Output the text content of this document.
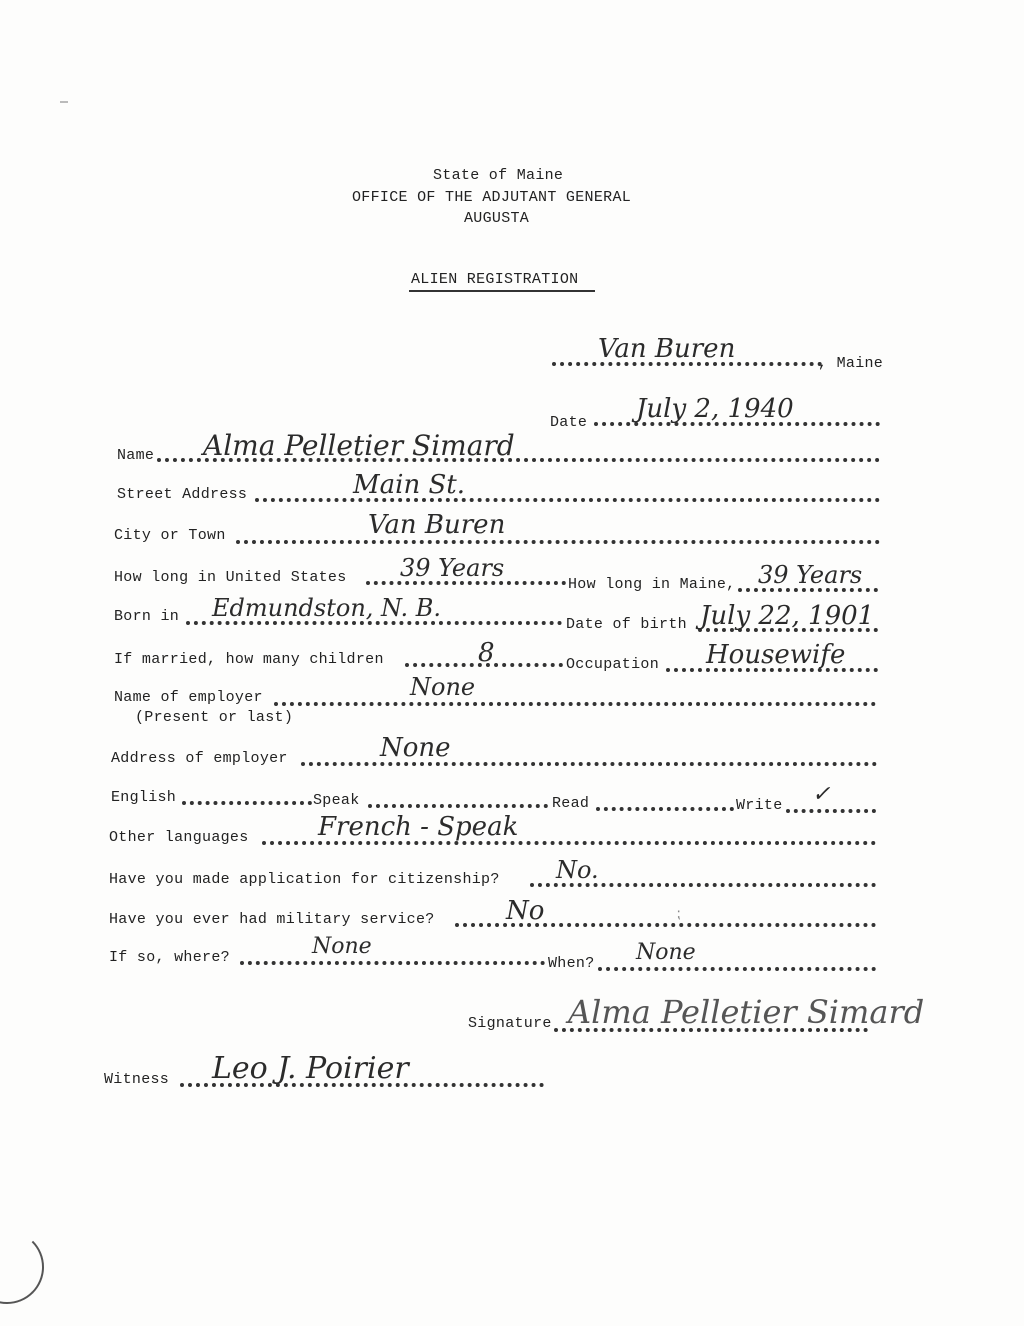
State of Maine
OFFICE OF THE ADJUTANT GENERAL
AUGUSTA
ALIEN REGISTRATION
Van Buren	, Maine
Date July 2, 1940
Name Alma Pelletier Simard
Street Address	Main St.
City or Town	Van Buren
How long in United States 39 Years
How long in Maine, 39 Years
Born in Edmundston, N. B.
Date of birth July 22, 1901
If married, how many children	8	Occupation Housewife
Name of employer
(Present or last)
None
Address of employer	None
English	Speak	Read	Write ✓
Other languages	French - Speak
Have you made application for citizenship? No.
Have you ever had military service?	No	⁏
If so, where?	None
When? None
Signature Alma Pelletier Simard
Witness Leo J. Poirier
